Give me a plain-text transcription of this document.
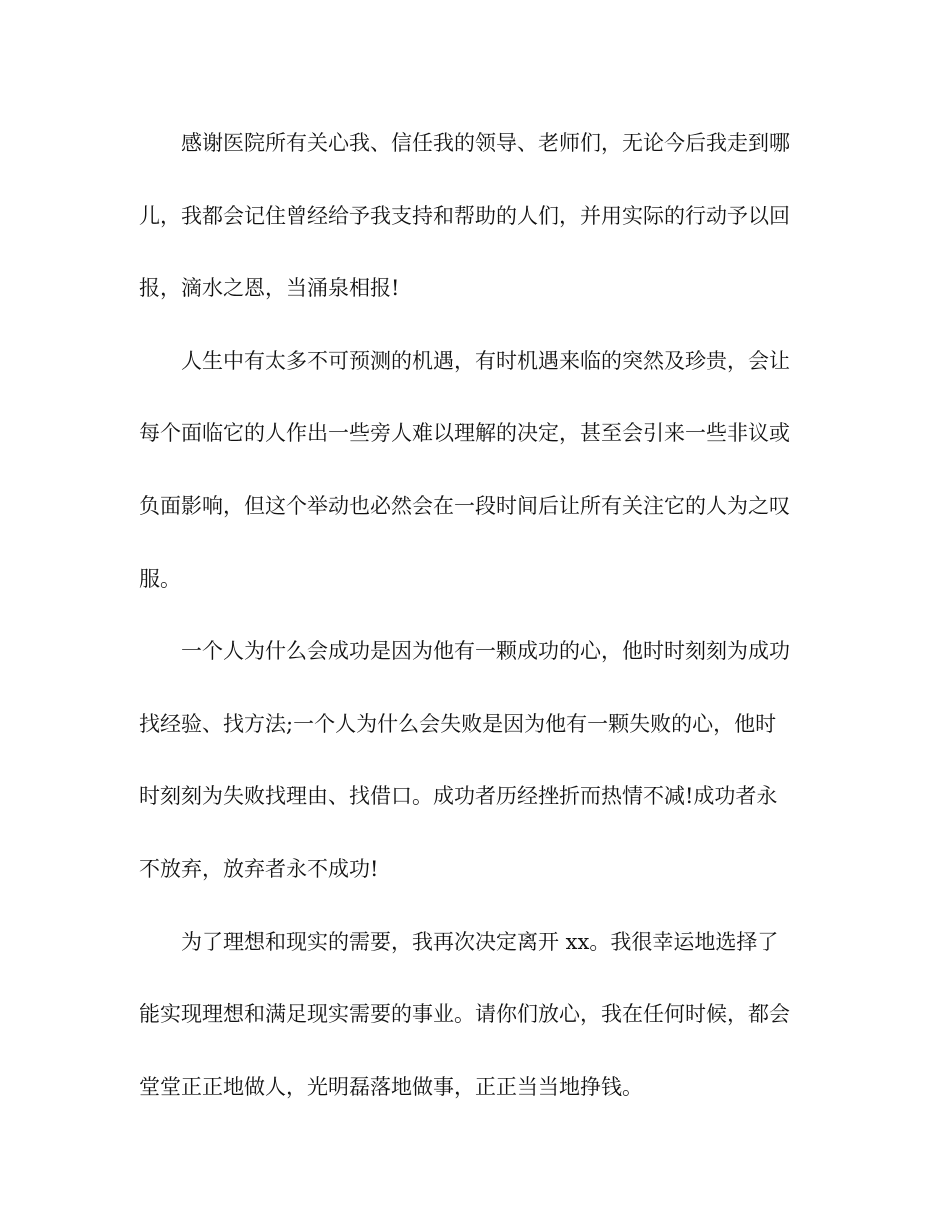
感谢医院所有关心我、信任我的领导、老师们，无论今后我走到哪
儿，我都会记住曾经给予我支持和帮助的人们，并用实际的行动予以回
报，滴水之恩，当涌泉相报!
人生中有太多不可预测的机遇，有时机遇来临的突然及珍贵，会让
每个面临它的人作出一些旁人难以理解的决定，甚至会引来一些非议或
负面影响，但这个举动也必然会在一段时间后让所有关注它的人为之叹
服。
一个人为什么会成功是因为他有一颗成功的心，他时时刻刻为成功
找经验、找方法;一个人为什么会失败是因为他有一颗失败的心，他时
时刻刻为失败找理由、找借口。成功者历经挫折而热情不减!成功者永
不放弃，放弃者永不成功!
为了理想和现实的需要，我再次决定离开 xx。我很幸运地选择了
能实现理想和满足现实需要的事业。请你们放心，我在任何时候，都会
堂堂正正地做人，光明磊落地做事，正正当当地挣钱。
